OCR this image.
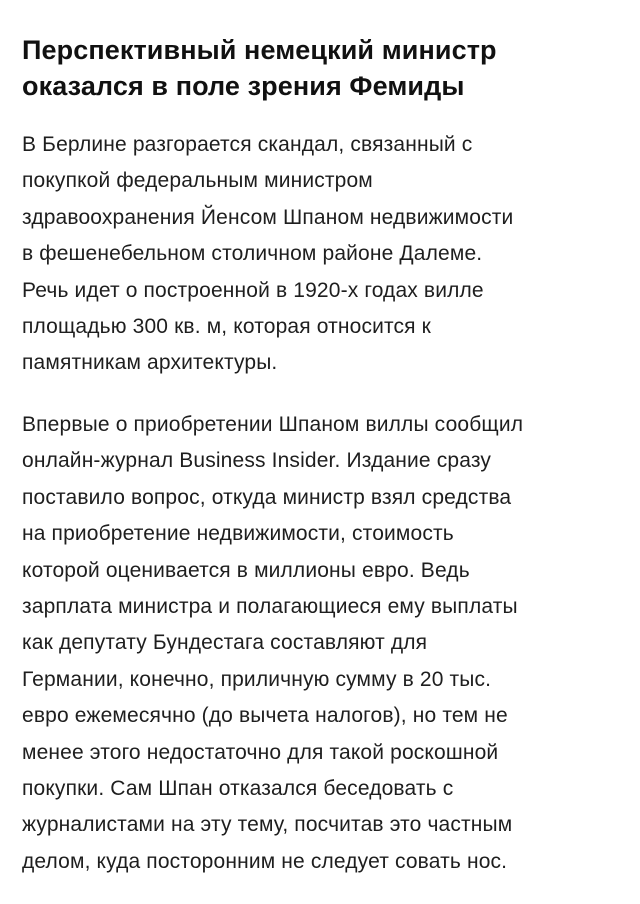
Перспективный немецкий министр
оказался в поле зрения Фемиды

В Берлине разгорается скандал, связанный с
покупкой федеральным министром
здравоохранения Йенсом Шпаном недвижимости
в фешенебельном столичном районе Далеме.
Речь идет о построенной в 1920-х годах вилле
площадью 300 кв. м, которая относится к
памятникам архитектуры.

Впервые о приобретении Шпаном виллы сообщил
онлайн-журнал Business Insider. Издание сразу
поставило вопрос, откуда министр взял средства
на приобретение недвижимости, стоимость
которой оценивается в миллионы евро. Ведь
зарплата министра и полагающиеся ему выплаты
как депутату Бундестага составляют для
Германии, конечно, приличную сумму в 20 тыс.
евро ежемесячно (до вычета налогов), но тем не
менее этого недостаточно для такой роскошной
покупки. Сам Шпан отказался беседовать с
журналистами на эту тему, посчитав это частным
делом, куда посторонним не следует совать нос.
